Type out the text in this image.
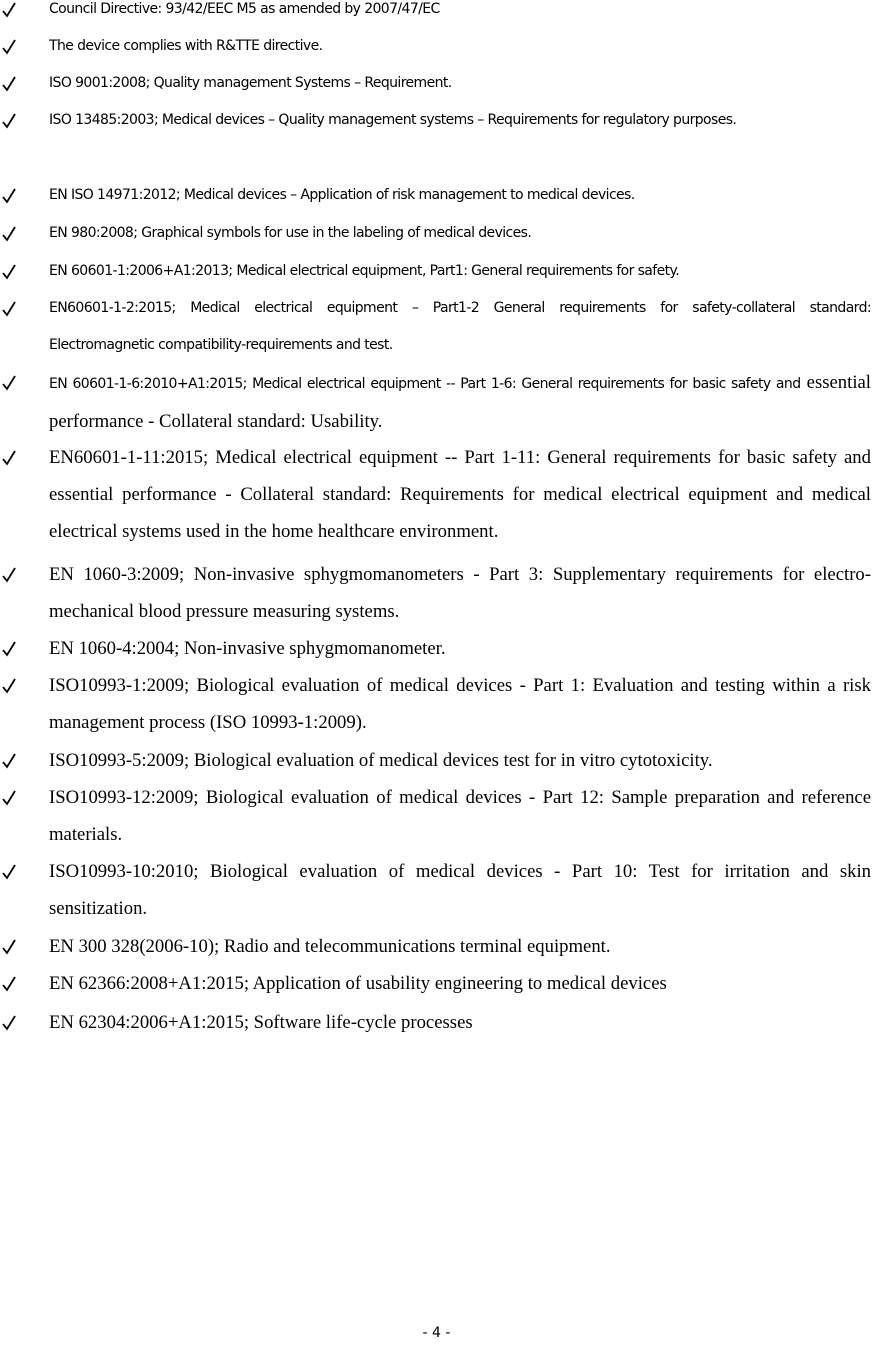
Council Directive: 93/42/EEC M5 as amended by 2007/47/EC
The device complies with R&TTE directive.
ISO 9001:2008; Quality management Systems – Requirement.
ISO 13485:2003; Medical devices – Quality management systems – Requirements for regulatory purposes.
EN ISO 14971:2012; Medical devices – Application of risk management to medical devices.
EN 980:2008; Graphical symbols for use in the labeling of medical devices.
EN 60601-1:2006+A1:2013; Medical electrical equipment, Part1: General requirements for safety.
EN60601-1-2:2015; Medical electrical equipment – Part1-2 General requirements for safety-collateral standard: Electromagnetic compatibility-requirements and test.
EN 60601-1-6:2010+A1:2015; Medical electrical equipment -- Part 1-6: General requirements for basic safety and essential performance - Collateral standard: Usability.
EN60601-1-11:2015; Medical electrical equipment -- Part 1-11: General requirements for basic safety and essential performance - Collateral standard: Requirements for medical electrical equipment and medical electrical systems used in the home healthcare environment.
EN 1060-3:2009; Non-invasive sphygmomanometers - Part 3: Supplementary requirements for electro-mechanical blood pressure measuring systems.
EN 1060-4:2004; Non-invasive sphygmomanometer.
ISO10993-1:2009; Biological evaluation of medical devices - Part 1: Evaluation and testing within a risk management process (ISO 10993-1:2009).
ISO10993-5:2009; Biological evaluation of medical devices test for in vitro cytotoxicity.
ISO10993-12:2009; Biological evaluation of medical devices - Part 12: Sample preparation and reference materials.
ISO10993-10:2010; Biological evaluation of medical devices - Part 10: Test for irritation and skin sensitization.
EN 300 328(2006-10); Radio and telecommunications terminal equipment.
EN 62366:2008+A1:2015; Application of usability engineering to medical devices
EN 62304:2006+A1:2015; Software life-cycle processes
- 4 -
